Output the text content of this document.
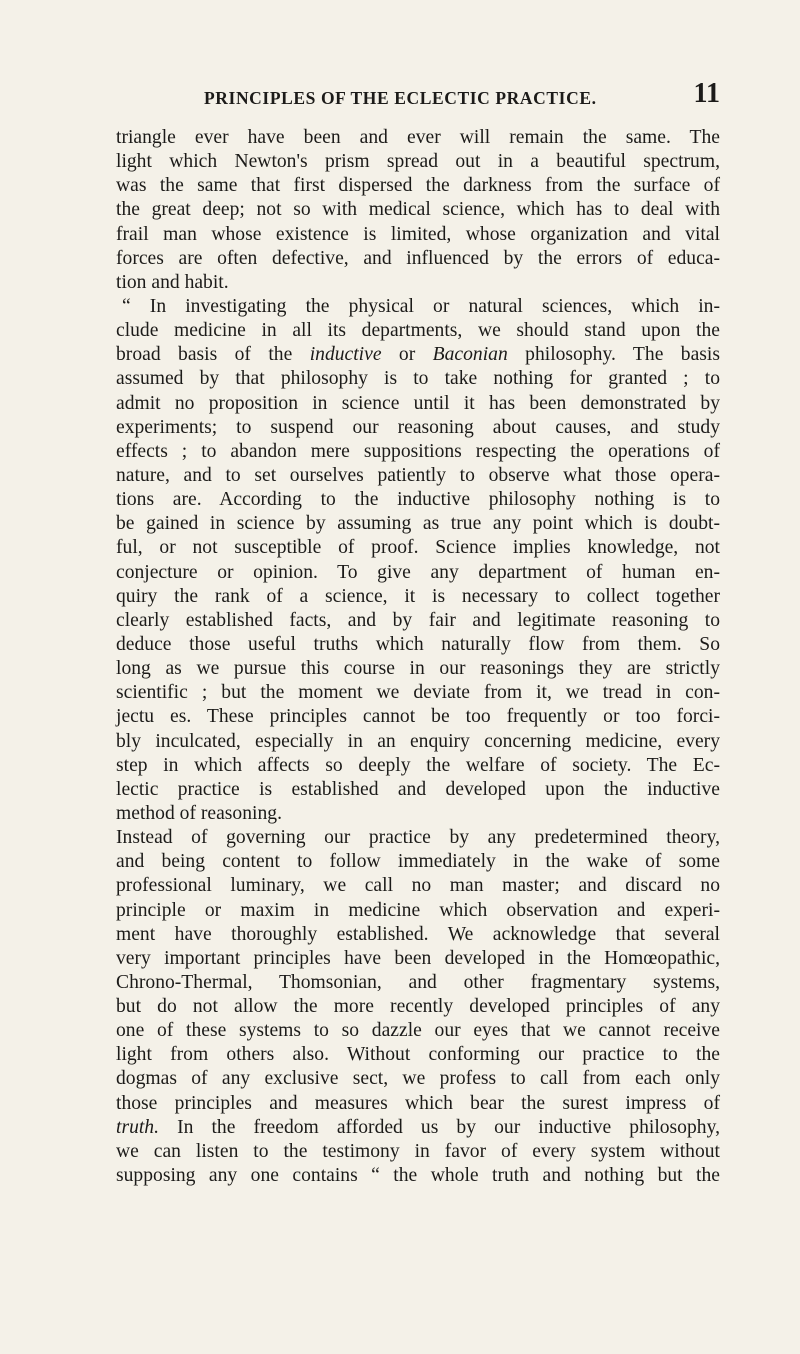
PRINCIPLES OF THE ECLECTIC PRACTICE.	11
triangle ever have been and ever will remain the same. The
light which Newton's prism spread out in a beautiful spectrum,
was the same that first dispersed the darkness from the surface of
the great deep; not so with medical science, which has to deal with
frail man whose existence is limited, whose organization and vital
forces are often defective, and influenced by the errors of educa-
tion and habit.
“ In investigating the physical or natural sciences, which in-
clude medicine in all its departments, we should stand upon the
broad basis of the inductive or Baconian philosophy. The basis
assumed by that philosophy is to take nothing for granted ; to
admit no proposition in science until it has been demonstrated by
experiments; to suspend our reasoning about causes, and study
effects ; to abandon mere suppositions respecting the operations of
nature, and to set ourselves patiently to observe what those opera-
tions are. According to the inductive philosophy nothing is to
be gained in science by assuming as true any point which is doubt-
ful, or not susceptible of proof. Science implies knowledge, not
conjecture or opinion. To give any department of human en-
quiry the rank of a science, it is necessary to collect together
clearly established facts, and by fair and legitimate reasoning to
deduce those useful truths which naturally flow from them. So
long as we pursue this course in our reasonings they are strictly
scientific ; but the moment we deviate from it, we tread in con-
jectu es. These principles cannot be too frequently or too forci-
bly inculcated, especially in an enquiry concerning medicine, every
step in which affects so deeply the welfare of society. The Ec-
lectic practice is established and developed upon the inductive
method of reasoning.
Instead of governing our practice by any predetermined theory,
and being content to follow immediately in the wake of some
professional luminary, we call no man master; and discard no
principle or maxim in medicine which observation and experi-
ment have thoroughly established. We acknowledge that several
very important principles have been developed in the Homœopathic,
Chrono-Thermal, Thomsonian, and other fragmentary systems,
but do not allow the more recently developed principles of any
one of these systems to so dazzle our eyes that we cannot receive
light from others also. Without conforming our practice to the
dogmas of any exclusive sect, we profess to call from each only
those principles and measures which bear the surest impress of
truth. In the freedom afforded us by our inductive philosophy,
we can listen to the testimony in favor of every system without
supposing any one contains “ the whole truth and nothing but the
